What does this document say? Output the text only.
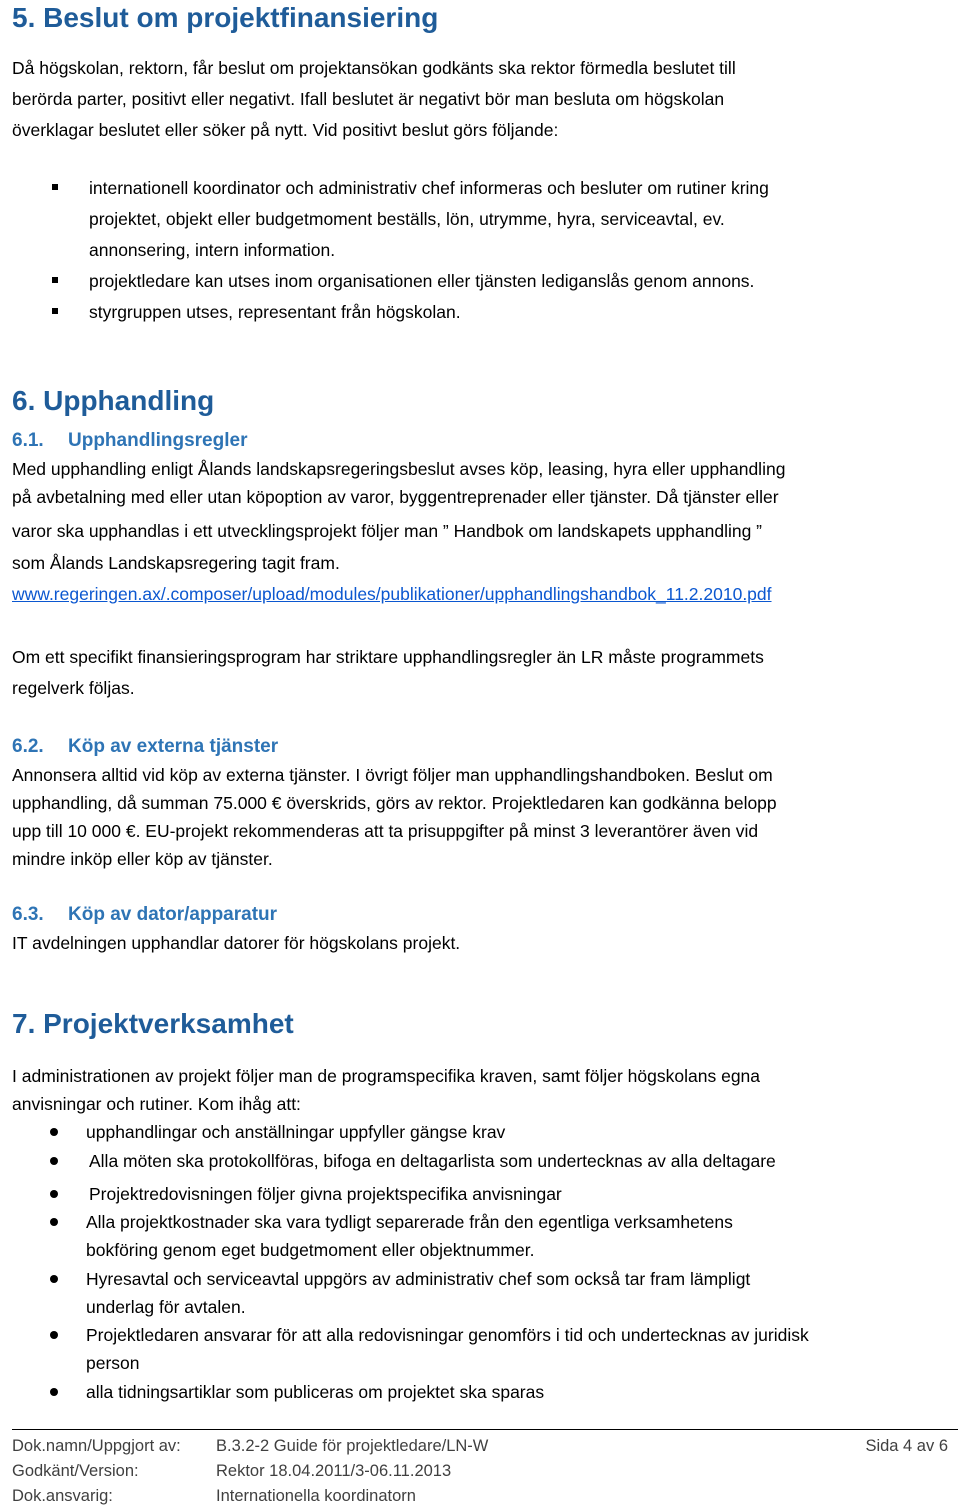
5. Beslut om projektfinansiering
Då högskolan, rektorn, får beslut om projektansökan godkänts ska rektor förmedla beslutet till
berörda parter, positivt eller negativt. Ifall beslutet är negativt bör man besluta om högskolan
överklagar beslutet eller söker på nytt. Vid positivt beslut görs följande:
internationell koordinator och administrativ chef informeras och besluter om rutiner kring
projektet, objekt eller budgetmoment beställs, lön, utrymme, hyra, serviceavtal, ev.
annonsering, intern information.
projektledare kan utses inom organisationen eller tjänsten lediganslås genom annons.
styrgruppen utses, representant från högskolan.
6. Upphandling
6.1. Upphandlingsregler
Med upphandling enligt Ålands landskapsregeringsbeslut avses köp, leasing, hyra eller upphandling
på avbetalning med eller utan köpoption av varor, byggentreprenader eller tjänster. Då tjänster eller
varor ska upphandlas i ett utvecklingsprojekt följer man ” Handbok om landskapets upphandling ”
som Ålands Landskapsregering tagit fram.
www.regeringen.ax/.composer/upload/modules/publikationer/upphandlingshandbok_11.2.2010.pdf
Om ett specifikt finansieringsprogram har striktare upphandlingsregler än LR måste programmets
regelverk följas.
6.2. Köp av externa tjänster
Annonsera alltid vid köp av externa tjänster. I övrigt följer man upphandlingshandboken. Beslut om
upphandling, då summan 75.000 € överskrids, görs av rektor. Projektledaren kan godkänna belopp
upp till 10 000 €. EU-projekt rekommenderas att ta prisuppgifter på minst 3 leverantörer även vid
mindre inköp eller köp av tjänster.
6.3. Köp av dator/apparatur
IT avdelningen upphandlar datorer för högskolans projekt.
7. Projektverksamhet
I administrationen av projekt följer man de programspecifika kraven, samt följer högskolans egna
anvisningar och rutiner. Kom ihåg att:
upphandlingar och anställningar uppfyller gängse krav
Alla möten ska protokollföras, bifoga en deltagarlista som undertecknas av alla deltagare
Projektredovisningen följer givna projektspecifika anvisningar
Alla projektkostnader ska vara tydligt separerade från den egentliga verksamhetens
bokföring genom eget budgetmoment eller objektnummer.
Hyresavtal och serviceavtal uppgörs av administrativ chef som också tar fram lämpligt
underlag för avtalen.
Projektledaren ansvarar för att alla redovisningar genomförs i tid och undertecknas av juridisk
person
alla tidningsartiklar som publiceras om projektet ska sparas
Dok.namn/Uppgjort av: B.3.2-2 Guide för projektledare/LN-W	Sida 4 av 6
Godkänt/Version:	Rektor 18.04.2011/3-06.11.2013
Dok.ansvarig:	Internationella koordinatorn
